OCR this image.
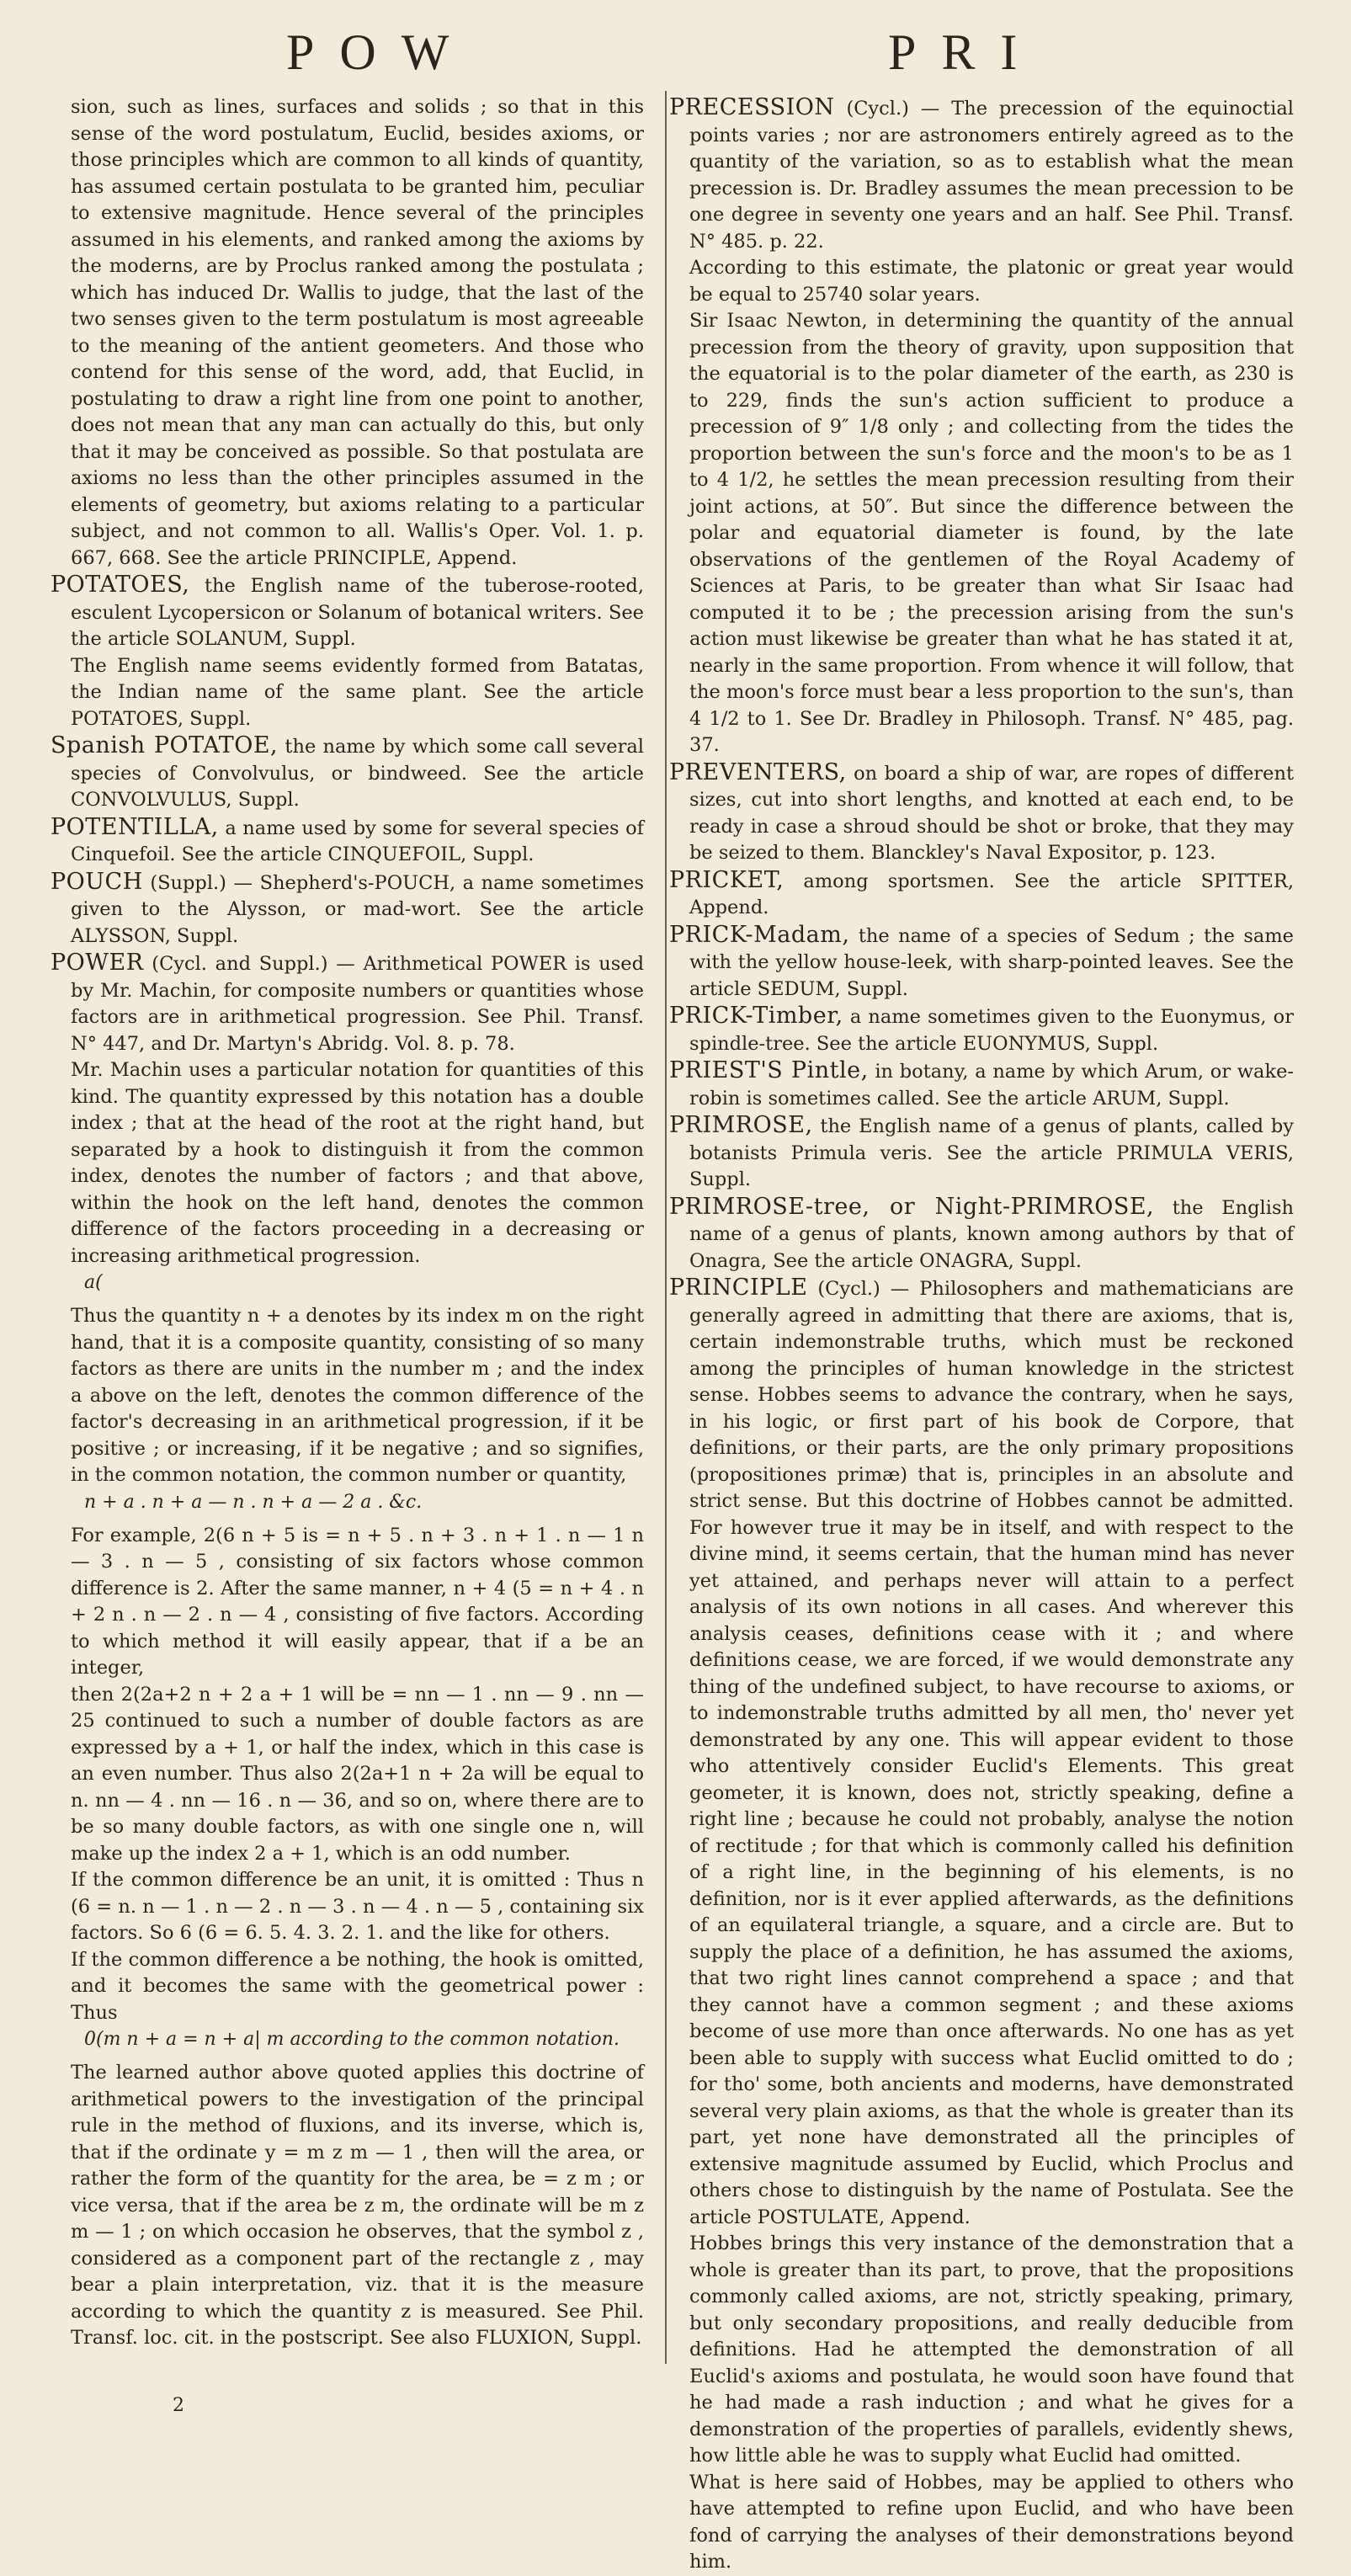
POW	PRI

sion, such as lines, surfaces and solids ; so that in this sense of the word postulatum, Euclid, besides axioms, or those principles which are common to all kinds of quantity, has assumed certain postulata to be granted him, peculiar to extensive magnitude. Hence several of the principles assumed in his elements, and ranked among the axioms by the moderns, are by Proclus ranked among the postulata ; which has induced Dr. Wallis to judge, that the last of the two senses given to the term postulatum is most agreeable to the meaning of the antient geometers. And those who contend for this sense of the word, add, that Euclid, in postulating to draw a right line from one point to another, does not mean that any man can actually do this, but only that it may be conceived as possible. So that postulata are axioms no less than the other principles assumed in the elements of geometry, but axioms relating to a particular subject, and not common to all. Wallis's Oper. Vol. 1. p. 667, 668. See the article PRINCIPLE, Append.

POTATOES, the English name of the tuberose-rooted, esculent Lycopersicon or Solanum of botanical writers. See the article SOLANUM, Suppl.

The English name seems evidently formed from Batatas, the Indian name of the same plant. See the article POTATOES, Suppl.

Spanish POTATOE, the name by which some call several species of Convolvulus, or bindweed. See the article CONVOLVULUS, Suppl.

POTENTILLA, a name used by some for several species of Cinquefoil. See the article CINQUEFOIL, Suppl.

POUCH (Suppl.) — Shepherd's-POUCH, a name sometimes given to the Alysson, or mad-wort. See the article ALYSSON, Suppl.

POWER (Cycl. and Suppl.) — Arithmetical POWER is used by Mr. Machin, for composite numbers or quantities whose factors are in arithmetical progression. See Phil. Transf. N° 447, and Dr. Martyn's Abridg. Vol. 8. p. 78.

Mr. Machin uses a particular notation for quantities of this kind. The quantity expressed by this notation has a double index ; that at the head of the root at the right hand, but separated by a hook to distinguish it from the common index, denotes the number of factors ; and that above, within the hook on the left hand, denotes the common difference of the factors proceeding in a decreasing or increasing arithmetical progression.

a(

Thus the quantity n + a denotes by its index m on the right hand, that it is a composite quantity, consisting of so many factors as there are units in the number m ; and the index a above on the left, denotes the common difference of the factor's decreasing in an arithmetical progression, if it be positive ; or increasing, if it be negative ; and so signifies, in the common notation, the common number or quantity,

n + a . n + a — n . n + a — 2 a . &c.

For example, 2(6 n + 5 is = n + 5 . n + 3 . n + 1 . n — 1 n — 3 . n — 5 , consisting of six factors whose common difference is 2. After the same manner, n + 4 (5 = n + 4 . n + 2 n . n — 2 . n — 4 , consisting of five factors. According to which method it will easily appear, that if a be an integer,

then 2(2a+2 n + 2 a + 1 will be = nn — 1 . nn — 9 . nn — 25 continued to such a number of double factors as are expressed by a + 1, or half the index, which in this case is an even number. Thus also 2(2a+1 n + 2a will be equal to n. nn — 4 . nn — 16 . n — 36, and so on, where there are to be so many double factors, as with one single one n, will make up the index 2 a + 1, which is an odd number.

If the common difference be an unit, it is omitted : Thus n (6 = n. n — 1 . n — 2 . n — 3 . n — 4 . n — 5 , containing six factors. So 6 (6 = 6. 5. 4. 3. 2. 1. and the like for others.

If the common difference a be nothing, the hook is omitted, and it becomes the same with the geometrical power : Thus

0(m n + a = n + a| m according to the common notation.

The learned author above quoted applies this doctrine of arithmetical powers to the investigation of the principal rule in the method of fluxions, and its inverse, which is, that if the ordinate y = m z m — 1 , then will the area, or rather the form of the quantity for the area, be = z m ; or vice versa, that if the area be z m, the ordinate will be m z m — 1 ; on which occasion he observes, that the symbol z , considered as a component part of the rectangle z , may bear a plain interpretation, viz. that it is the measure according to which the quantity z is measured. See Phil. Transf. loc. cit. in the postscript. See also FLUXION, Suppl.

PRECESSION (Cycl.) — The precession of the equinoctial points varies ; nor are astronomers entirely agreed as to the quantity of the variation, so as to establish what the mean precession is. Dr. Bradley assumes the mean precession to be one degree in seventy one years and an half. See Phil. Transf. N° 485. p. 22.

According to this estimate, the platonic or great year would be equal to 25740 solar years.

Sir Isaac Newton, in determining the quantity of the annual precession from the theory of gravity, upon supposition that the equatorial is to the polar diameter of the earth, as 230 is to 229, finds the sun's action sufficient to produce a precession of 9″ 1/8 only ; and collecting from the tides the proportion between the sun's force and the moon's to be as 1 to 4 1/2, he settles the mean precession resulting from their joint actions, at 50″. But since the difference between the polar and equatorial diameter is found, by the late observations of the gentlemen of the Royal Academy of Sciences at Paris, to be greater than what Sir Isaac had computed it to be ; the precession arising from the sun's action must likewise be greater than what he has stated it at, nearly in the same proportion. From whence it will follow, that the moon's force must bear a less proportion to the sun's, than 4 1/2 to 1. See Dr. Bradley in Philosoph. Transf. N° 485, pag. 37.

PREVENTERS, on board a ship of war, are ropes of different sizes, cut into short lengths, and knotted at each end, to be ready in case a shroud should be shot or broke, that they may be seized to them. Blanckley's Naval Expositor, p. 123.

PRICKET, among sportsmen. See the article SPITTER, Append.

PRICK-Madam, the name of a species of Sedum ; the same with the yellow house-leek, with sharp-pointed leaves. See the article SEDUM, Suppl.

PRICK-Timber, a name sometimes given to the Euonymus, or spindle-tree. See the article EUONYMUS, Suppl.

PRIEST'S Pintle, in botany, a name by which Arum, or wake-robin is sometimes called. See the article ARUM, Suppl.

PRIMROSE, the English name of a genus of plants, called by botanists Primula veris. See the article PRIMULA VERIS, Suppl.

PRIMROSE-tree, or Night-PRIMROSE, the English name of a genus of plants, known among authors by that of Onagra, See the article ONAGRA, Suppl.

PRINCIPLE (Cycl.) — Philosophers and mathematicians are generally agreed in admitting that there are axioms, that is, certain indemonstrable truths, which must be reckoned among the principles of human knowledge in the strictest sense. Hobbes seems to advance the contrary, when he says, in his logic, or first part of his book de Corpore, that definitions, or their parts, are the only primary propositions (propositiones primæ) that is, principles in an absolute and strict sense. But this doctrine of Hobbes cannot be admitted. For however true it may be in itself, and with respect to the divine mind, it seems certain, that the human mind has never yet attained, and perhaps never will attain to a perfect analysis of its own notions in all cases. And wherever this analysis ceases, definitions cease with it ; and where definitions cease, we are forced, if we would demonstrate any thing of the undefined subject, to have recourse to axioms, or to indemonstrable truths admitted by all men, tho' never yet demonstrated by any one. This will appear evident to those who attentively consider Euclid's Elements. This great geometer, it is known, does not, strictly speaking, define a right line ; because he could not probably, analyse the notion of rectitude ; for that which is commonly called his definition of a right line, in the beginning of his elements, is no definition, nor is it ever applied afterwards, as the definitions of an equilateral triangle, a square, and a circle are. But to supply the place of a definition, he has assumed the axioms, that two right lines cannot comprehend a space ; and that they cannot have a common segment ; and these axioms become of use more than once afterwards. No one has as yet been able to supply with success what Euclid omitted to do ; for tho' some, both ancients and moderns, have demonstrated several very plain axioms, as that the whole is greater than its part, yet none have demonstrated all the principles of extensive magnitude assumed by Euclid, which Proclus and others chose to distinguish by the name of Postulata. See the article POSTULATE, Append.

Hobbes brings this very instance of the demonstration that a whole is greater than its part, to prove, that the propositions commonly called axioms, are not, strictly speaking, primary, but only secondary propositions, and really deducible from definitions. Had he attempted the demonstration of all Euclid's axioms and postulata, he would soon have found that he had made a rash induction ; and what he gives for a demonstration of the properties of parallels, evidently shews, how little able he was to supply what Euclid had omitted.

What is here said of Hobbes, may be applied to others who have attempted to refine upon Euclid, and who have been fond of carrying the analyses of their demonstrations beyond him.

2
